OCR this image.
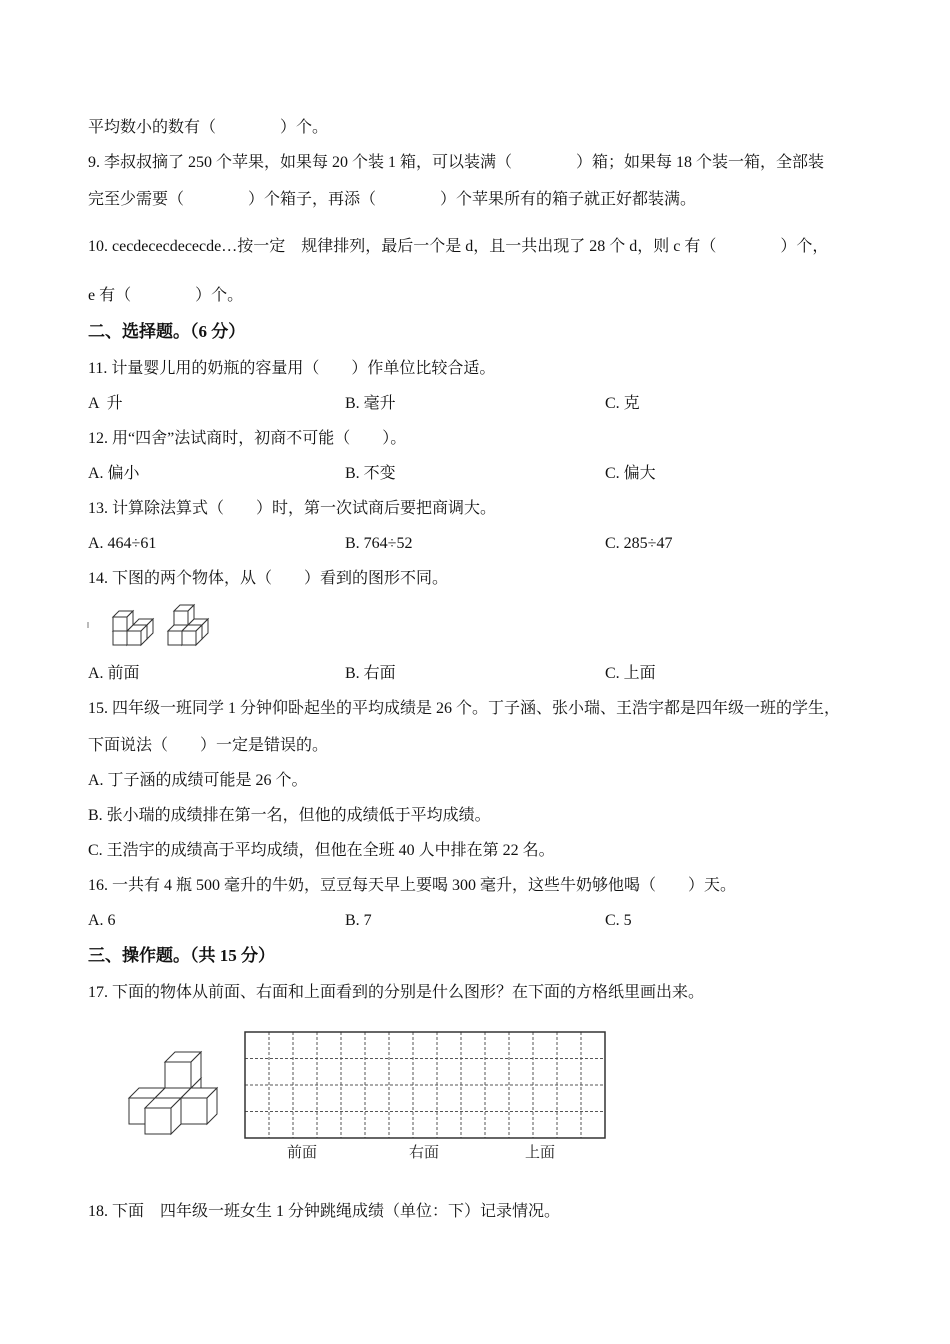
平均数小的数有（　　　　）个。
9. 李叔叔摘了 250 个苹果，如果每 20 个装 1 箱，可以装满（　　　　）箱；如果每 18 个装一箱，全部装
完至少需要（　　　　）个箱子，再添（　　　　）个苹果所有的箱子就正好都装满。
10. cecdececdececde…按一定　规律排列，最后一个是 d，且一共出现了 28 个 d，则 c 有（　　　　）个，
e 有（　　　　）个。
二、选择题。（6 分）
11. 计量婴儿用的奶瓶的容量用（　　）作单位比较合适。
A  升	B. 毫升	C. 克
12. 用“四舍”法试商时，初商不可能（　　）。
A. 偏小	B. 不变	C. 偏大
13. 计算除法算式（　　）时，第一次试商后要把商调大。
A. 464÷61	B. 764÷52	C. 285÷47
14. 下图的两个物体，从（　　）看到的图形不同。
A. 前面	B. 右面	C. 上面
15. 四年级一班同学 1 分钟仰卧起坐的平均成绩是 26 个。丁子涵、张小瑞、王浩宇都是四年级一班的学生，
下面说法（　　）一定是错误的。
A. 丁子涵的成绩可能是 26 个。
B. 张小瑞的成绩排在第一名，但他的成绩低于平均成绩。
C. 王浩宇的成绩高于平均成绩，但他在全班 40 人中排在第 22 名。
16. 一共有 4 瓶 500 毫升的牛奶，豆豆每天早上要喝 300 毫升，这些牛奶够他喝（　　）天。
A. 6	B. 7	C. 5
三、操作题。（共 15 分）
17. 下面的物体从前面、右面和上面看到的分别是什么图形？在下面的方格纸里画出来。
前面	右面	上面
18. 下面　四年级一班女生 1 分钟跳绳成绩（单位：下）记录情况。
